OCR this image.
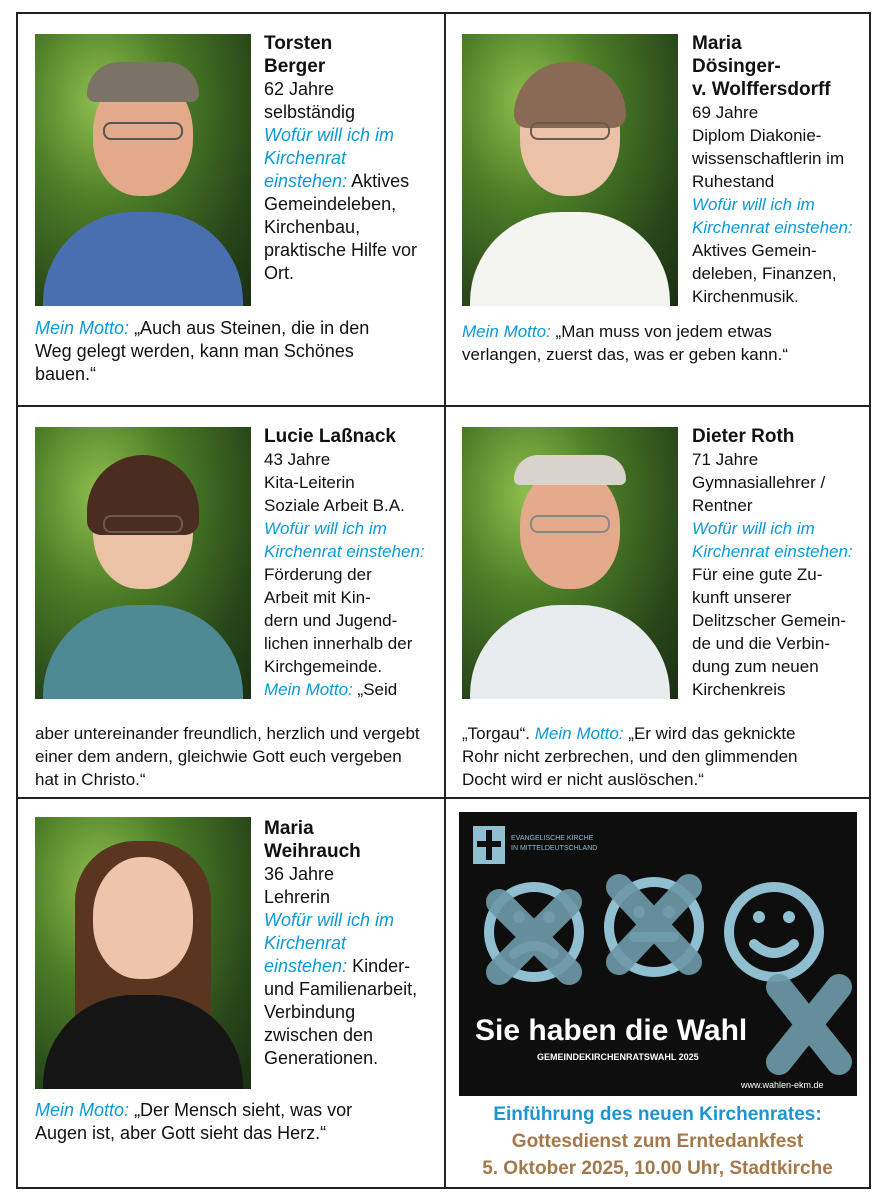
Torsten
Berger
62 Jahre
selbständig
Wofür will ich im
Kirchenrat
einstehen: Aktives
Gemeindeleben,
Kirchenbau,
praktische Hilfe vor
Ort.
Mein Motto: „Auch aus Steinen, die in den
Weg gelegt werden, kann man Schönes
bauen.“
Maria
Dösinger-
v. Wolffersdorff
69 Jahre
Diplom Diakonie-
wissenschaftlerin im
Ruhestand
Wofür will ich im
Kirchenrat einstehen:
Aktives Gemein-
deleben, Finanzen,
Kirchenmusik.
Mein Motto: „Man muss von jedem etwas
verlangen, zuerst das, was er geben kann.“
Lucie Laßnack
43 Jahre
Kita-Leiterin
Soziale Arbeit B.A.
Wofür will ich im
Kirchenrat einstehen:
Förderung der
Arbeit mit Kin-
dern und Jugend-
lichen innerhalb der
Kirchgemeinde.
Mein Motto: „Seid
aber untereinander freundlich, herzlich und vergebt
einer dem andern, gleichwie Gott euch vergeben
hat in Christo.“
Dieter Roth
71 Jahre
Gymnasiallehrer /
Rentner
Wofür will ich im
Kirchenrat einstehen:
Für eine gute Zu-
kunft unserer
Delitzscher Gemein-
de und die Verbin-
dung zum neuen
Kirchenkreis
„Torgau“. Mein Motto: „Er wird das geknickte
Rohr nicht zerbrechen, und den glimmenden
Docht wird er nicht auslöschen.“
Maria
Weihrauch
36 Jahre
Lehrerin
Wofür will ich im
Kirchenrat
einstehen: Kinder-
und Familienarbeit,
Verbindung
zwischen den
Generationen.
Mein Motto: „Der Mensch sieht, was vor
Augen ist, aber Gott sieht das Herz.“
EVANGELISCHE KIRCHE
IN MITTELDEUTSCHLAND
Sie haben die Wahl
GEMEINDEKIRCHENRATSWAHL 2025
www.wahlen-ekm.de
Einführung des neuen Kirchenrates:
Gottesdienst zum Erntedankfest
5. Oktober 2025, 10.00 Uhr, Stadtkirche
